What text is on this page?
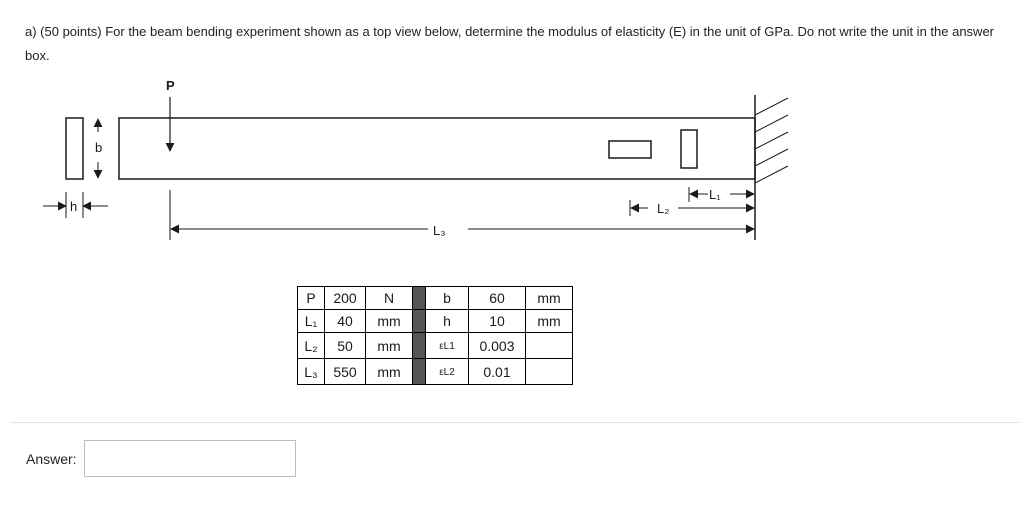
a) (50 points) For the beam bending experiment shown as a top view below, determine the modulus of elasticity (E) in the unit of GPa. Do not write the unit in the answer box.
P
b
h
L₁
L₂
L₃
P	200	N		b	60	mm
L₁	40	mm		h	10	mm
L₂	50	mm		εL1	0.003	
L₃	550	mm		εL2	0.01	
Answer:
